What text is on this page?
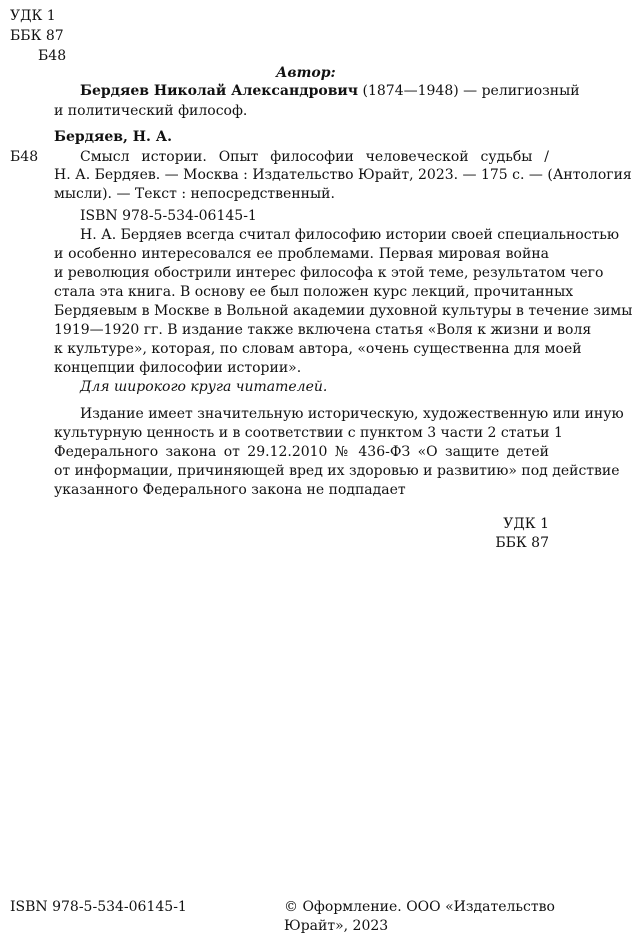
УДК 1
ББК 87
Б48
Автор:
Бердяев Николай Александрович (1874—1948) — религиозный
и политический философ.
Бердяев, Н. А.
Б48	Смысл истории. Опыт философии человеческой судьбы /
Н. А. Бердяев. — Москва : Издательство Юрайт, 2023. — 175 с. — (Антология
мысли). — Текст : непосредственный.
ISBN 978-5-534-06145-1
Н. А. Бердяев всегда считал философию истории своей специальностью
и особенно интересовался ее проблемами. Первая мировая война
и революция обострили интерес философа к этой теме, результатом чего
стала эта книга. В основу ее был положен курс лекций, прочитанных
Бердяевым в Москве в Вольной академии духовной культуры в течение зимы
1919—1920 гг. В издание также включена статья «Воля к жизни и воля
к культуре», которая, по словам автора, «очень существенна для моей
концепции философии истории».
Для широкого круга читателей.
Издание имеет значительную историческую, художественную или иную
культурную ценность и в соответствии с пунктом 3 части 2 статьи 1
Федерального закона от 29.12.2010 № 436-ФЗ «О защите детей
от информации, причиняющей вред их здоровью и развитию» под действие
указанного Федерального закона не подпадает
УДК 1
ББК 87
ISBN 978-5-534-06145-1	© Оформление. ООО «Издательство
Юрайт», 2023
